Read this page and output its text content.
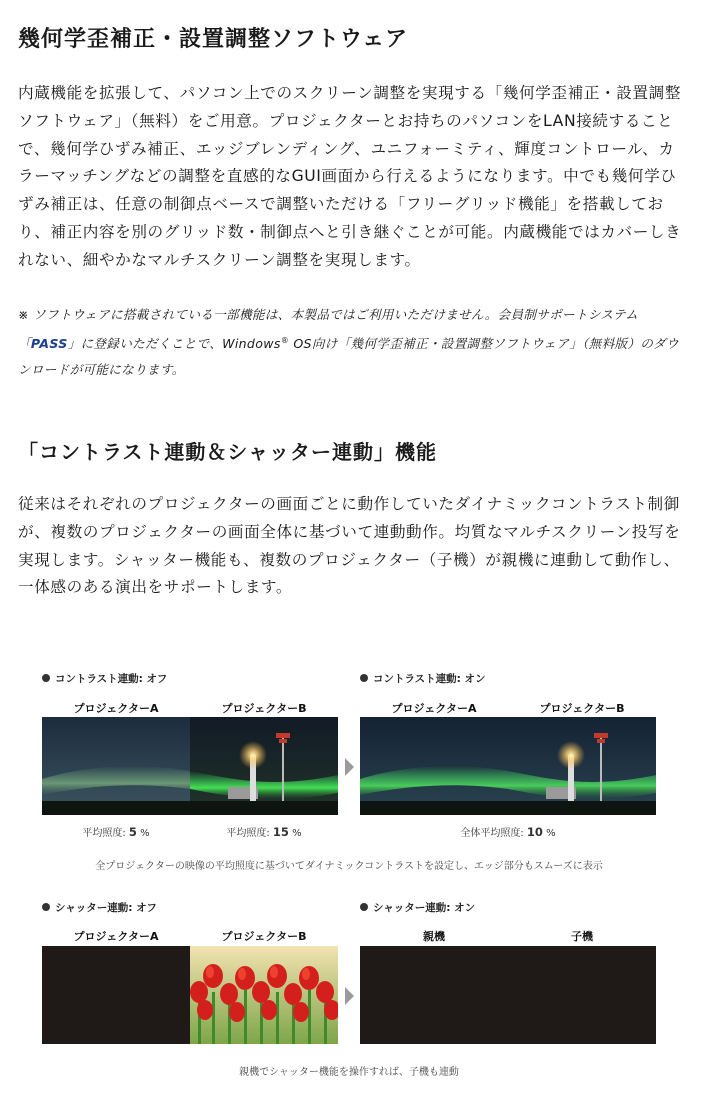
幾何学歪補正・設置調整ソフトウェア
内蔵機能を拡張して、パソコン上でのスクリーン調整を実現する「幾何学歪補正・設置調整ソフトウェア」（無料）をご用意。プロジェクターとお持ちのパソコンをLAN接続することで、幾何学ひずみ補正、エッジブレンディング、ユニフォーミティ、輝度コントロール、カラーマッチングなどの調整を直感的なGUI画面から行えるようになります。中でも幾何学ひずみ補正は、任意の制御点ベースで調整いただける「フリーグリッド機能」を搭載しており、補正内容を別のグリッド数・制御点へと引き継ぐことが可能。内蔵機能ではカバーしきれない、細やかなマルチスクリーン調整を実現します。
※ ソフトウェアに搭載されている一部機能は、本製品ではご利用いただけません。会員制サポートシステム「PASS」に登録いただくことで、Windows® OS向け「幾何学歪補正・設置調整ソフトウェア」（無料版）のダウンロードが可能になります。
「コントラスト連動＆シャッター連動」機能
従来はそれぞれのプロジェクターの画面ごとに動作していたダイナミックコントラスト制御が、複数のプロジェクターの画面全体に基づいて連動動作。均質なマルチスクリーン投写を実現します。シャッター機能も、複数のプロジェクター（子機）が親機に連動して動作し、一体感のある演出をサポートします。
コントラスト連動: オフ
プロジェクターA	プロジェクターB
平均照度: 5 %	平均照度: 15 %
コントラスト連動: オン
プロジェクターA	プロジェクターB
全体平均照度: 10 %
全プロジェクターの映像の平均照度に基づいてダイナミックコントラストを設定し、エッジ部分もスムーズに表示
シャッター連動: オフ
プロジェクターA	プロジェクターB
シャッター連動: オン
親機	子機
親機でシャッター機能を操作すれば、子機も連動
